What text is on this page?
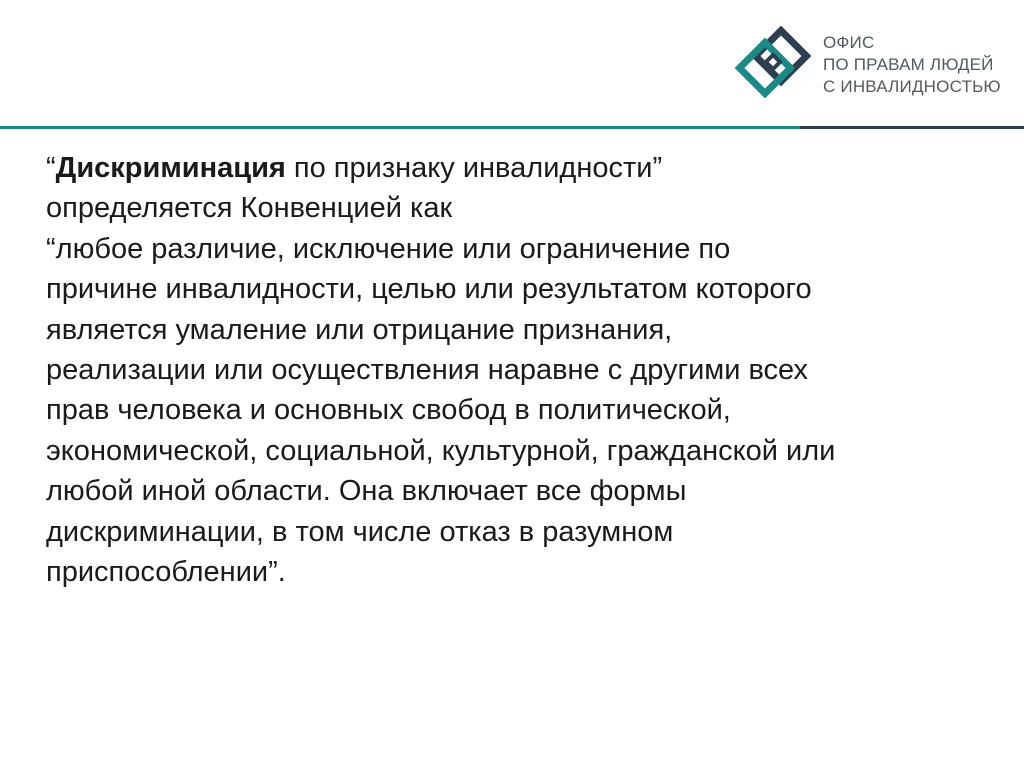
ОФИС
ПО ПРАВАМ ЛЮДЕЙ
С ИНВАЛИДНОСТЬЮ
“Дискриминация по признаку инвалидности”
определяется Конвенцией как
“любое различие, исключение или ограничение по
причине инвалидности, целью или результатом которого
является умаление или отрицание признания,
реализации или осуществления наравне с другими всех
прав человека и основных свобод в политической,
экономической, социальной, культурной, гражданской или
любой иной области. Она включает все формы
дискриминации, в том числе отказ в разумном
приспособлении”.
